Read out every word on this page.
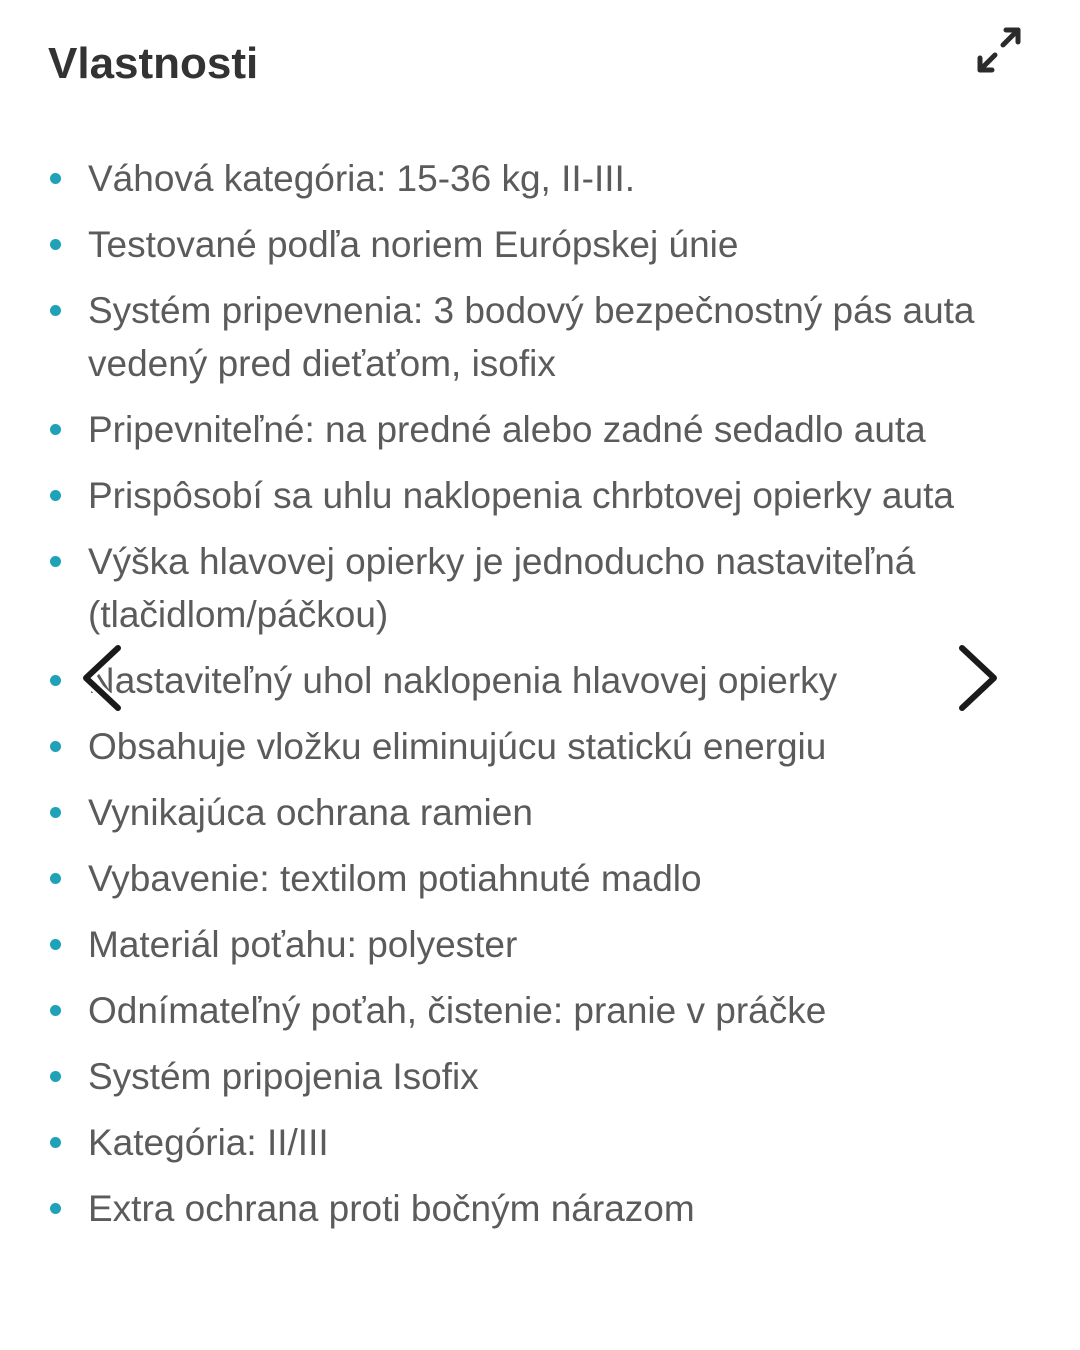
Vlastnosti
Váhová kategória: 15-36 kg, II-III.
Testované podľa noriem Európskej únie
Systém pripevnenia: 3 bodový bezpečnostný pás auta vedený pred dieťaťom, isofix
Pripevniteľné: na predné alebo zadné sedadlo auta
Prispôsobí sa uhlu naklopenia chrbtovej opierky auta
Výška hlavovej opierky je jednoducho nastaviteľná (tlačidlom/páčkou)
Nastaviteľný uhol naklopenia hlavovej opierky
Obsahuje vložku eliminujúcu statickú energiu
Vynikajúca ochrana ramien
Vybavenie: textilom potiahnuté madlo
Materiál poťahu: polyester
Odnímateľný poťah, čistenie: pranie v práčke
Systém pripojenia Isofix
Kategória: II/III
Extra ochrana proti bočným nárazom
